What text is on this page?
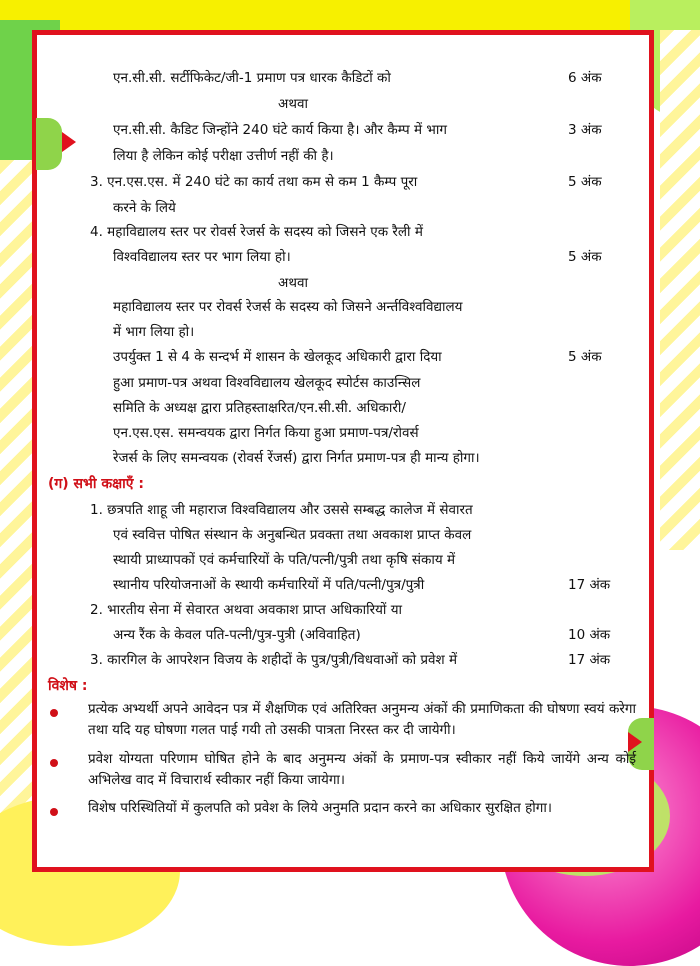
एन.सी.सी. सर्टीफिकेट/जी-1 प्रमाण पत्र धारक कैडिटों को	6 अंक
अथवा
एन.सी.सी. कैडिट जिन्होंने 240 घंटे कार्य किया है। और कैम्प में भाग	3 अंक
लिया है लेकिन कोई परीक्षा उत्तीर्ण नहीं की है।
3. एन.एस.एस. में 240 घंटे का कार्य तथा कम से कम 1 कैम्प पूरा	5 अंक
करने के लिये
4. महाविद्यालय स्तर पर रोवर्स रेजर्स के सदस्य को जिसने एक रैली में
विश्वविद्यालय स्तर पर भाग लिया हो।	5 अंक
अथवा
महाविद्यालय स्तर पर रोवर्स रेजर्स के सदस्य को जिसने अर्न्तविश्वविद्यालय
में भाग लिया हो।
उपर्युक्त 1 से 4 के सन्दर्भ में शासन के खेलकूद अधिकारी द्वारा दिया	5 अंक
हुआ प्रमाण-पत्र अथवा विश्वविद्यालय खेलकूद स्पोर्टस काउन्सिल
समिति के अध्यक्ष द्वारा प्रतिहस्ताक्षरित/एन.सी.सी. अधिकारी/
एन.एस.एस. समन्वयक द्वारा निर्गत किया हुआ प्रमाण-पत्र/रोवर्स
रेजर्स के लिए समन्वयक (रोवर्स रेंजर्स) द्वारा निर्गत प्रमाण-पत्र ही मान्य होगा।
(ग) सभी कक्षाएँ :
1. छत्रपति शाहू जी महाराज विश्वविद्यालय और उससे सम्बद्ध कालेज में सेवारत
एवं स्ववित्त पोषित संस्थान के अनुबन्धित प्रवक्ता तथा अवकाश प्राप्त केवल
स्थायी प्राध्यापकों एवं कर्मचारियों के पति/पत्नी/पुत्री तथा कृषि संकाय में
स्थानीय परियोजनाओं के स्थायी कर्मचारियों में पति/पत्नी/पुत्र/पुत्री	17 अंक
2. भारतीय सेना में सेवारत अथवा अवकाश प्राप्त अधिकारियों या
अन्य रैंक के केवल पति-पत्नी/पुत्र-पुत्री (अविवाहित)	10 अंक
3. कारगिल के आपरेशन विजय के शहीदों के पुत्र/पुत्री/विधवाओं को प्रवेश में	17 अंक
विशेष :
प्रत्येक अभ्यर्थी अपने आवेदन पत्र में शैक्षणिक एवं अतिरिक्त अनुमन्य अंकों की प्रमाणिकता की घोषणा स्वयं करेगा तथा यदि यह घोषणा गलत पाई गयी तो उसकी पात्रता निरस्त कर दी जायेगी।
प्रवेश योग्यता परिणाम घोषित होने के बाद अनुमन्य अंकों के प्रमाण-पत्र स्वीकार नहीं किये जायेंगे अन्य कोई अभिलेख वाद में विचारार्थ स्वीकार नहीं किया जायेगा।
विशेष परिस्थितियों में कुलपति को प्रवेश के लिये अनुमति प्रदान करने का अधिकार सुरक्षित होगा।
